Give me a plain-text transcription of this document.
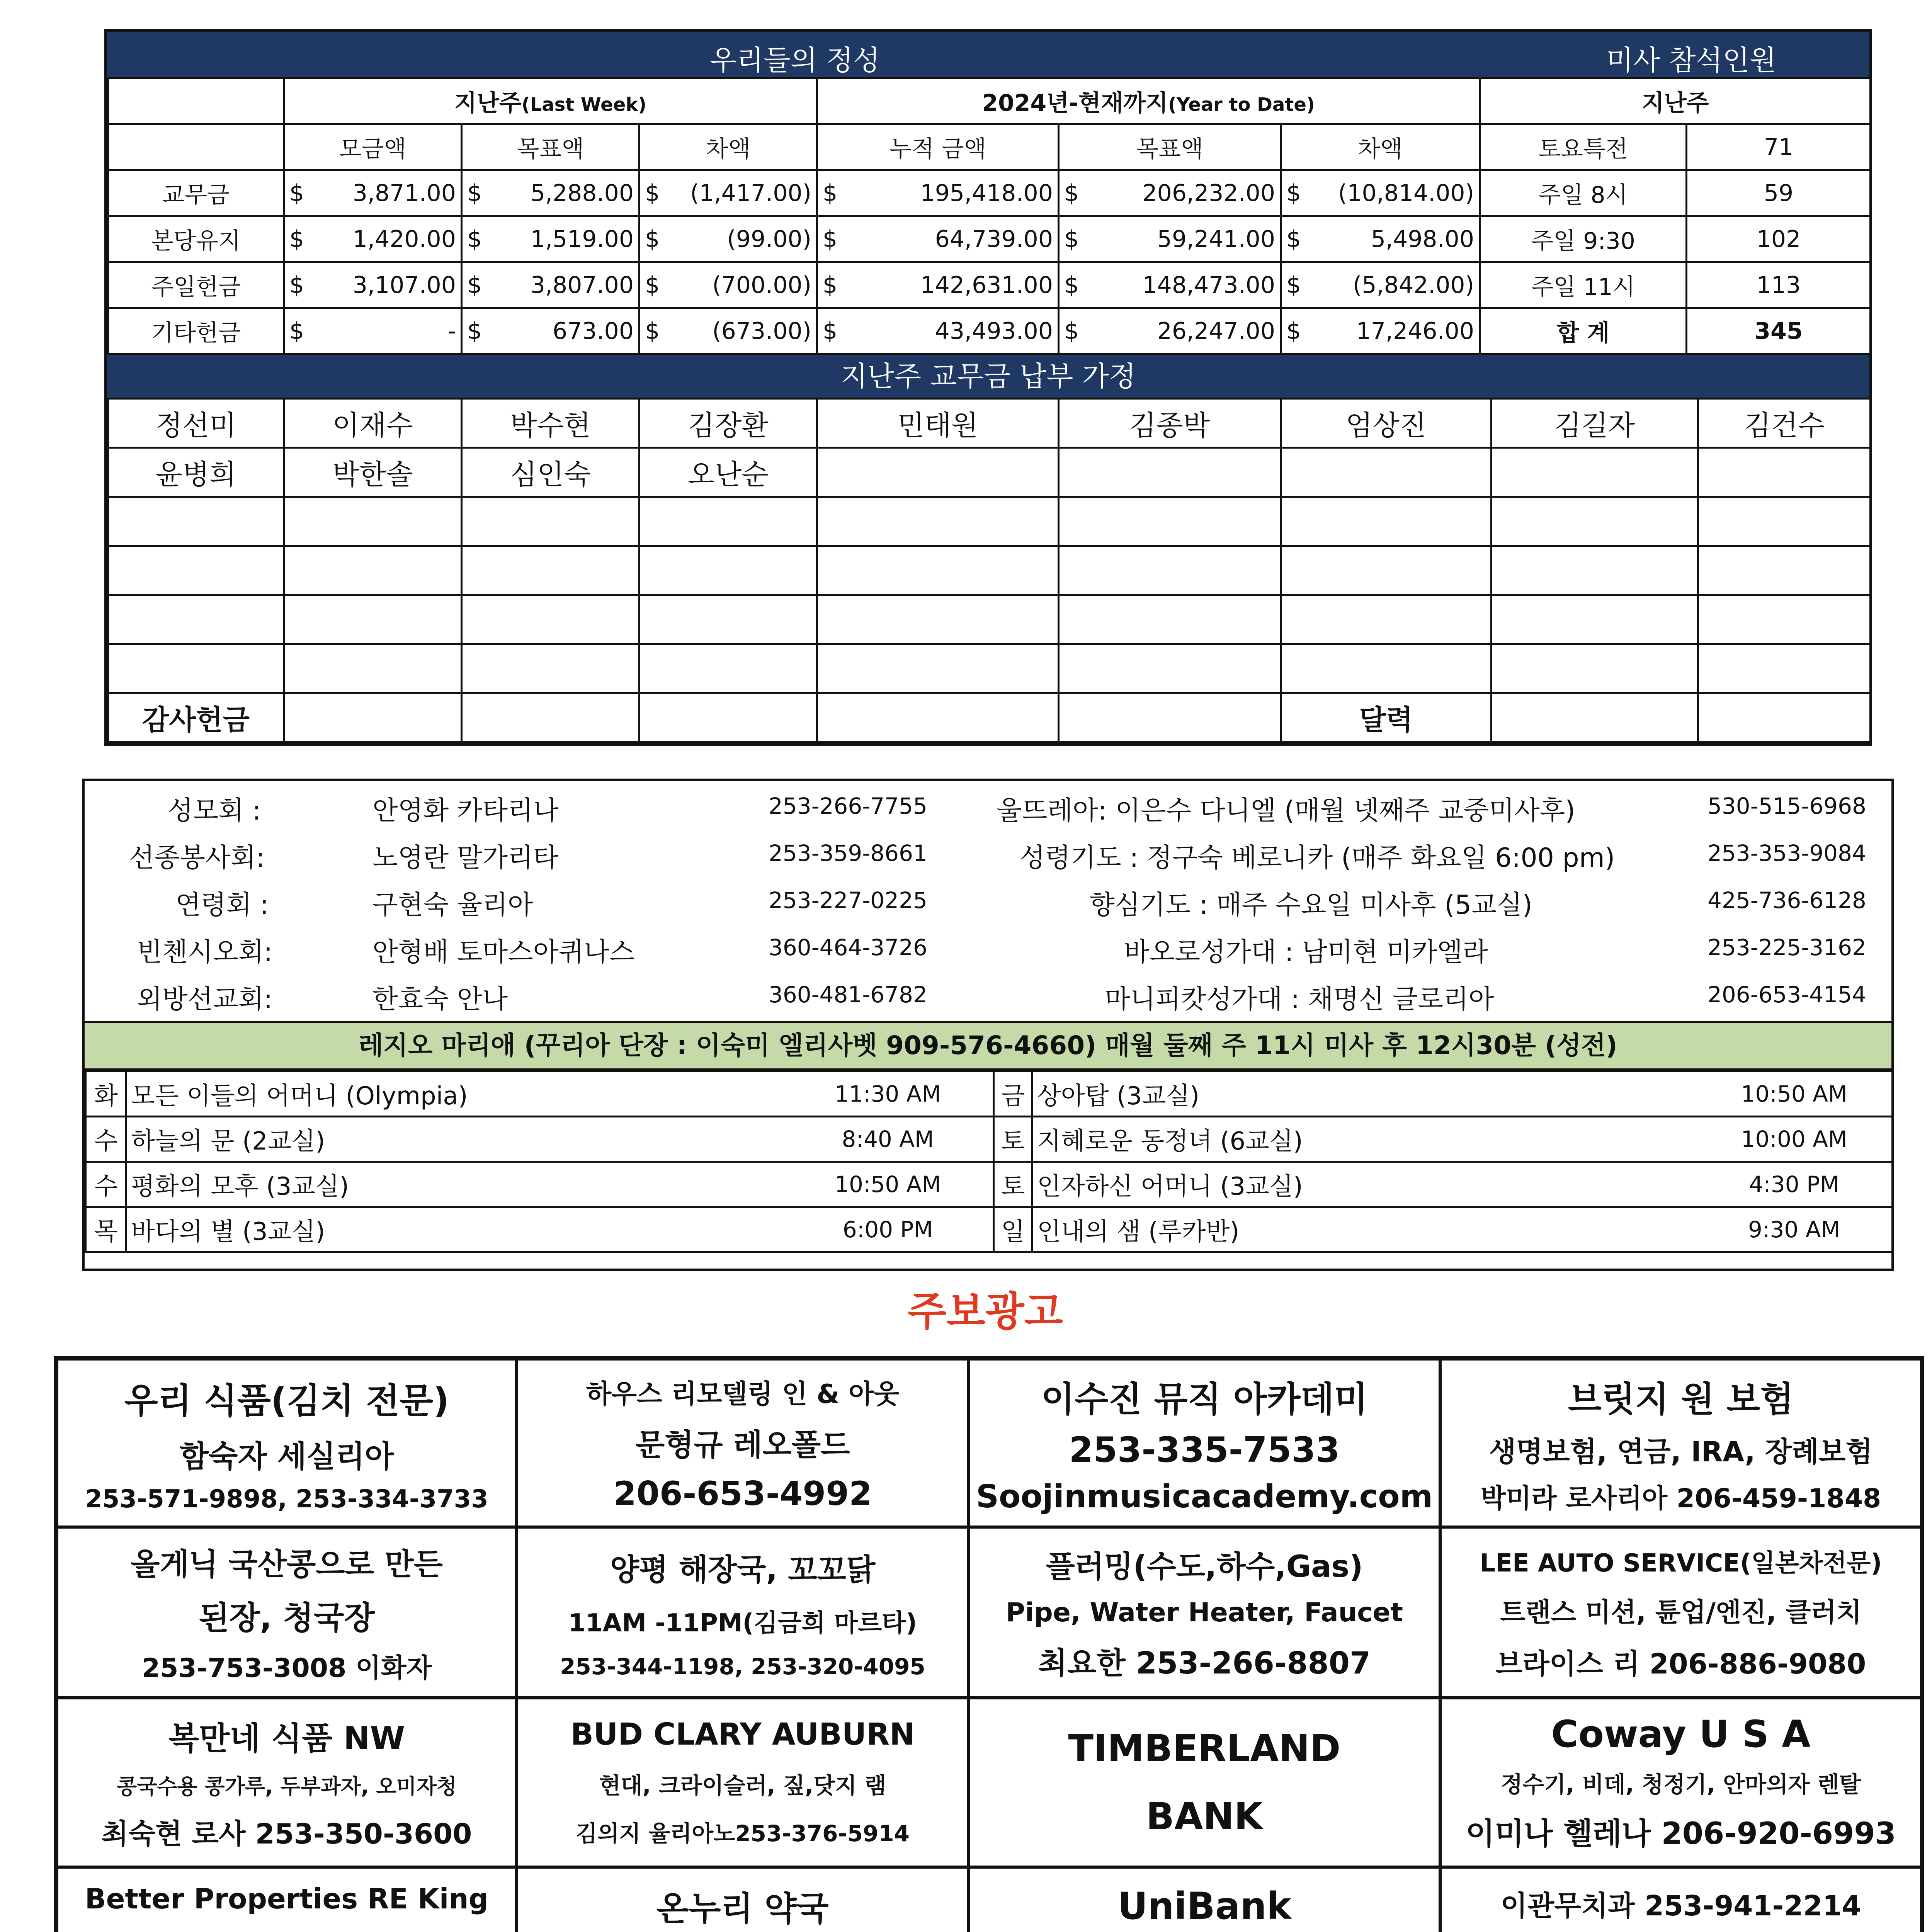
우리들의 정성	미사 참석인원
	지난주(Last Week)			2024년-현재까지(Year to Date)			지난주	
	모금액	목표액	차액	누적 금액	목표액	차액	토요특전	71
교무금	$ 3,871.00	$ 5,288.00	$ (1,417.00)	$ 195,418.00	$ 206,232.00	$ (10,814.00)	주일 8시	59
본당유지	$ 1,420.00	$ 1,519.00	$ (99.00)	$ 64,739.00	$ 59,241.00	$ 5,498.00	주일 9:30	102
주일헌금	$ 3,107.00	$ 3,807.00	$ (700.00)	$ 142,631.00	$ 148,473.00	$ (5,842.00)	주일 11시	113
기타헌금	$ -	$ 673.00	$ (673.00)	$ 43,493.00	$ 26,247.00	$ 17,246.00	합 계	345
지난주 교무금 납부 가정
정선미	이재수	박수현	김장환	민태원	김종박	엄상진	김길자	김건수
윤병희	박한솔	심인숙	오난순					

감사헌금						달력		
성모회 :	안영화 카타리나	253-266-7755	울뜨레아: 이은수 다니엘 (매월 넷째주 교중미사후)	530-515-6968
선종봉사회:	노영란 말가리타	253-359-8661	성령기도 : 정구숙 베로니카 (매주 화요일 6:00 pm)	253-353-9084
연령회 :	구현숙 율리아	253-227-0225	향심기도 : 매주 수요일 미사후 (5교실)	425-736-6128
빈첸시오회:	안형배 토마스아퀴나스	360-464-3726	바오로성가대 : 남미현 미카엘라	253-225-3162
외방선교회:	한효숙 안나	360-481-6782	마니피캇성가대 : 채명신 글로리아	206-653-4154
레지오 마리애 (꾸리아 단장 : 이숙미 엘리사벳 909-576-4660) 매월 둘째 주 11시 미사 후 12시30분 (성전)
화	모든 이들의 어머니 (Olympia)	11:30 AM	금	상아탑 (3교실)	10:50 AM
수	하늘의 문 (2교실)	8:40 AM	토	지혜로운 동정녀 (6교실)	10:00 AM
수	평화의 모후 (3교실)	10:50 AM	토	인자하신 어머니 (3교실)	4:30 PM
목	바다의 별 (3교실)	6:00 PM	일	인내의 샘 (루카반)	9:30 AM
주보광고
우리 식품(김치 전문)
함숙자 세실리아
253-571-9898, 253-334-3733
하우스 리모델링 인 & 아웃
문형규 레오폴드
206-653-4992
이수진 뮤직 아카데미
253-335-7533
Soojinmusicacademy.com
브릿지 원 보험
생명보험, 연금, IRA, 장례보험
박미라 로사리아 206-459-1848
올게닉 국산콩으로 만든
된장, 청국장
253-753-3008 이화자
양평 해장국, 꼬꼬닭
11AM -11PM(김금희 마르타)
253-344-1198, 253-320-4095
플러밍(수도,하수,Gas)
Pipe, Water Heater, Faucet
최요한 253-266-8807
LEE AUTO SERVICE(일본차전문)
트랜스 미션, 튠업/엔진, 클러치
브라이스 리 206-886-9080
복만네 식품 NW
콩국수용 콩가루, 두부과자, 오미자청
최숙현 로사 253-350-3600
BUD CLARY AUBURN
현대, 크라이슬러, 짚,닷지 램
김의지 율리아노253-376-5914
TIMBERLAND
BANK
Coway U S A
정수기, 비데, 청정기, 안마의자 렌탈
이미나 헬레나 206-920-6993
Better Properties RE King	온누리 약국	UniBank	이관무치과 253-941-2214
